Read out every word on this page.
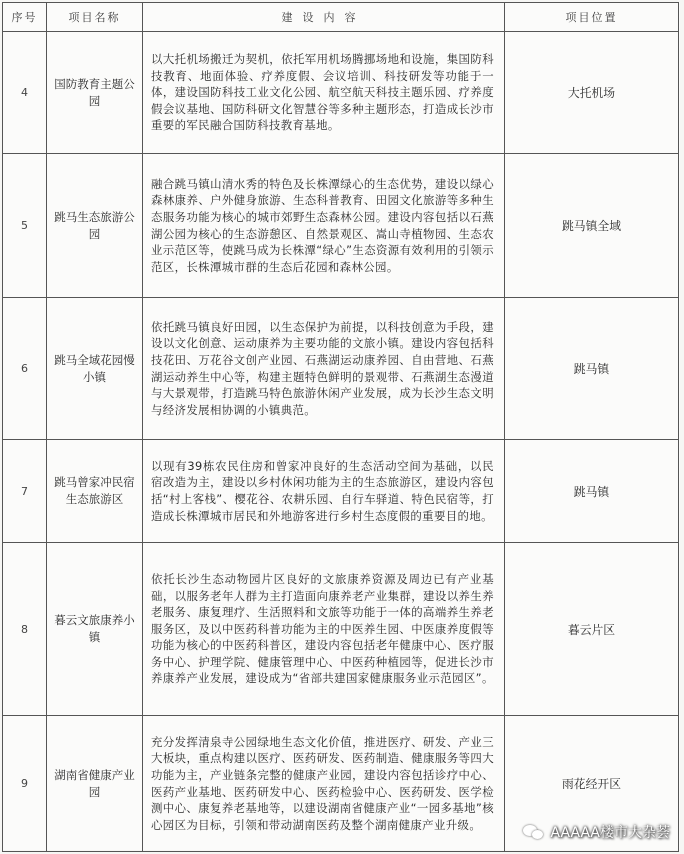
序号	项目名称	建设内容	项目位置
4	国防教育主题公园	以大托机场搬迁为契机，依托军用机场腾挪场地和设施，集国防科技教育、地面体验、疗养度假、会议培训、科技研发等功能于一体，建设国防科技工业文化公园、航空航天科技主题乐园、疗养度假会议基地、国防科研文化智慧谷等多种主题形态，打造成长沙市重要的军民融合国防科技教育基地。	大托机场
5	跳马生态旅游公园	融合跳马镇山清水秀的特色及长株潭绿心的生态优势，建设以绿心森林康养、户外健身旅游、生态科普教育、田园文化旅游等多种生态服务功能为核心的城市郊野生态森林公园。建设内容包括以石燕湖公园为核心的生态游憩区、自然景观区、嵩山寺植物园、生态农业示范区等，使跳马成为长株潭“绿心”生态资源有效利用的引领示范区，长株潭城市群的生态后花园和森林公园。	跳马镇全域
6	跳马全域花园慢小镇	依托跳马镇良好田园，以生态保护为前提，以科技创意为手段，建设以文化创意、运动康养为主要功能的文旅小镇。建设内容包括科技花田、万花谷文创产业园、石燕湖运动康养园、自由营地、石燕湖运动养生中心等，构建主题特色鲜明的景观带、石燕湖生态漫道与大景观带，打造跳马特色旅游休闲产业发展，成为长沙生态文明与经济发展相协调的小镇典范。	跳马镇
7	跳马曾家冲民宿生态旅游区	以现有39栋农民住房和曾家冲良好的生态活动空间为基础，以民宿改造为主，建设以乡村休闲功能为主的生态旅游区，建设内容包括“村上客栈”、樱花谷、农耕乐园、自行车驿道、特色民宿等，打造成长株潭城市居民和外地游客进行乡村生态度假的重要目的地。	跳马镇
8	暮云文旅康养小镇	依托长沙生态动物园片区良好的文旅康养资源及周边已有产业基础，以服务老年人群为主打造面向康养老产业集群，建设以养生养老服务、康复理疗、生活照料和文旅等功能于一体的高端养生养老服务区，及以中医药科普功能为主的中医养生园、中医康养度假等功能为核心的中医药科普区，建设内容包括老年健康中心、医疗服务中心、护理学院、健康管理中心、中医药种植园等，促进长沙市养康养产业发展，建设成为“省部共建国家健康服务业示范园区”。	暮云片区
9	湖南省健康产业园	充分发挥清泉寺公园绿地生态文化价值，推进医疗、研发、产业三大板块，重点构建以医疗、医药研发、医药制造、健康服务等四大功能为主，产业链条完整的健康产业园，建设内容包括诊疗中心、医药产业基地、医药研发中心、医药检验中心、医药研发、医学检测中心、康复养老基地等，以建设湖南省健康产业“一园多基地”核心园区为目标，引领和带动湖南医药及整个湖南健康产业升级。	雨花经开区
AAAAA楼市大杂荟
